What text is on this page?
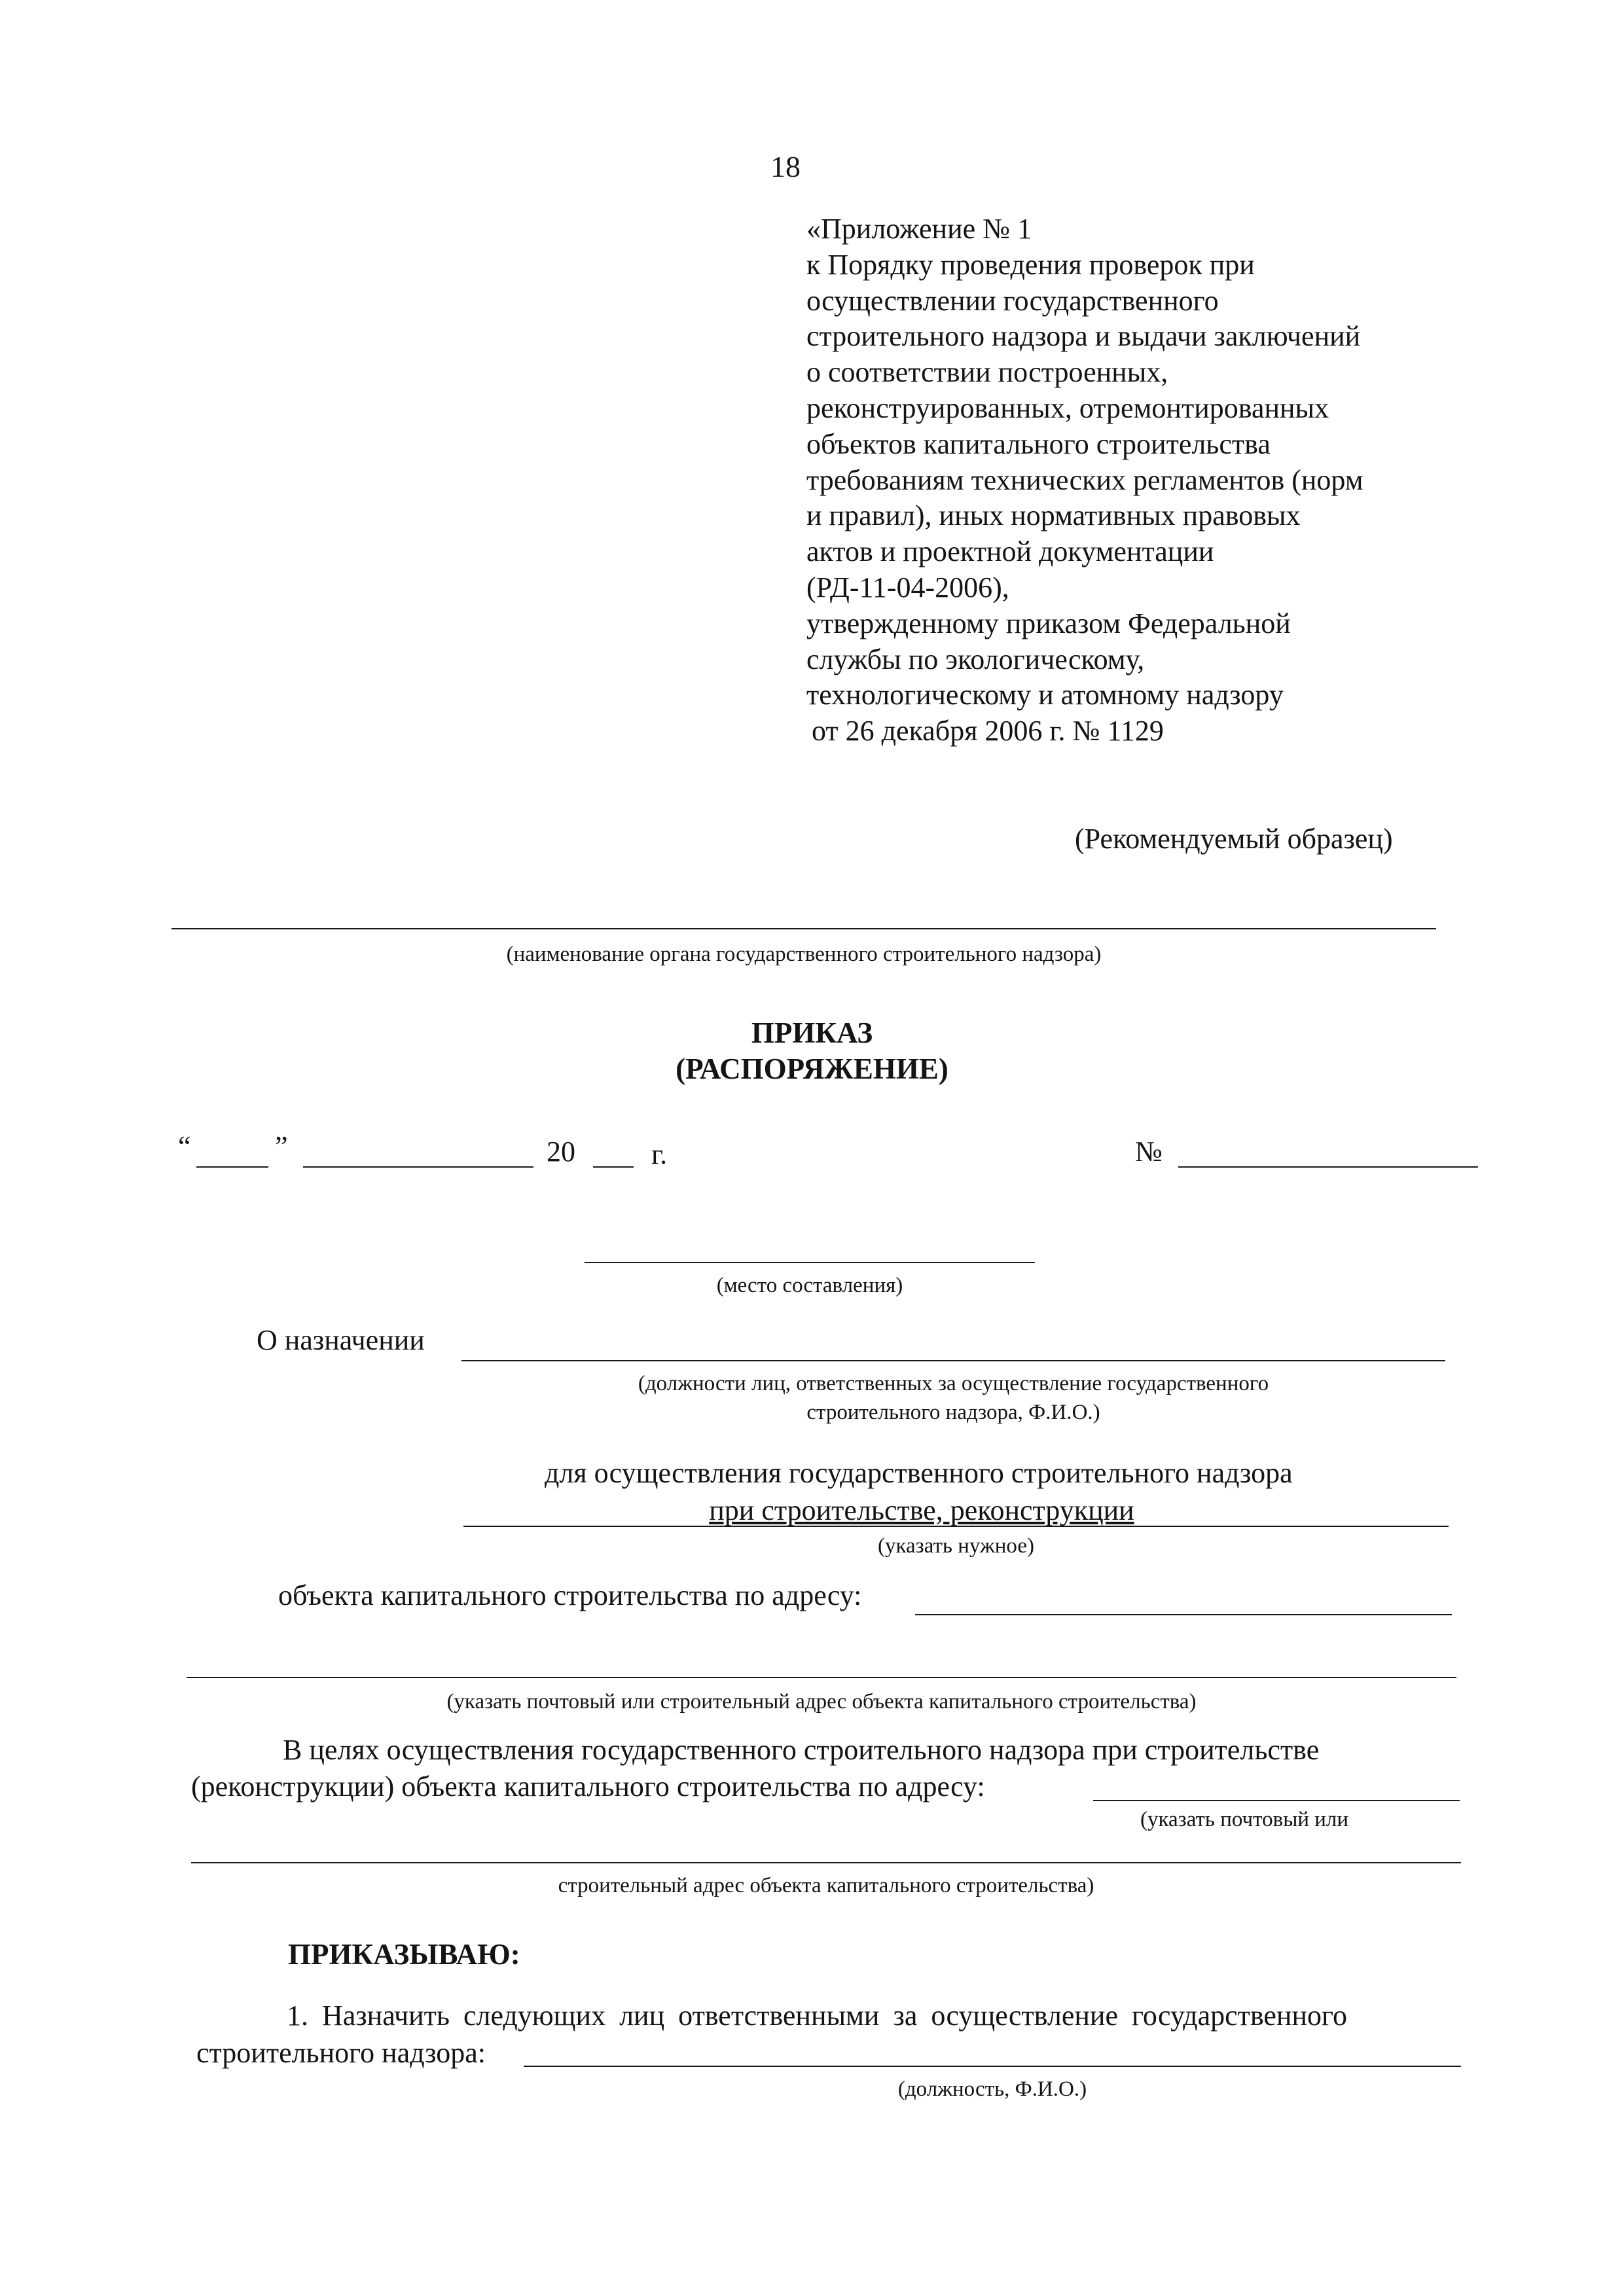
18
«Приложение № 1
к Порядку проведения проверок при
осуществлении государственного
строительного надзора и выдачи заключений
о соответствии построенных,
реконструированных, отремонтированных
объектов капитального строительства
требованиям технических регламентов (норм
и правил), иных нормативных правовых
актов и проектной документации
(РД-11-04-2006),
утвержденному приказом Федеральной
службы по экологическому,
технологическому и атомному надзору
от 26 декабря 2006 г. № 1129
(Рекомендуемый образец)
(наименование органа государственного строительного надзора)
ПРИКАЗ
(РАСПОРЯЖЕНИЕ)
“	”	20	г.	№
(место составления)
О назначении
(должности лиц, ответственных за осуществление государственного
строительного надзора, Ф.И.О.)
для осуществления государственного строительного надзора
при строительстве, реконструкции
(указать нужное)
объекта капитального строительства по адресу:
(указать почтовый или строительный адрес объекта капитального строительства)
В целях осуществления государственного строительного надзора при строительстве
(реконструкции) объекта капитального строительства по адресу:
(указать почтовый или
строительный адрес объекта капитального строительства)
ПРИКАЗЫВАЮ:
1. Назначить следующих лиц ответственными за осуществление государственного
строительного надзора:
(должность, Ф.И.О.)
